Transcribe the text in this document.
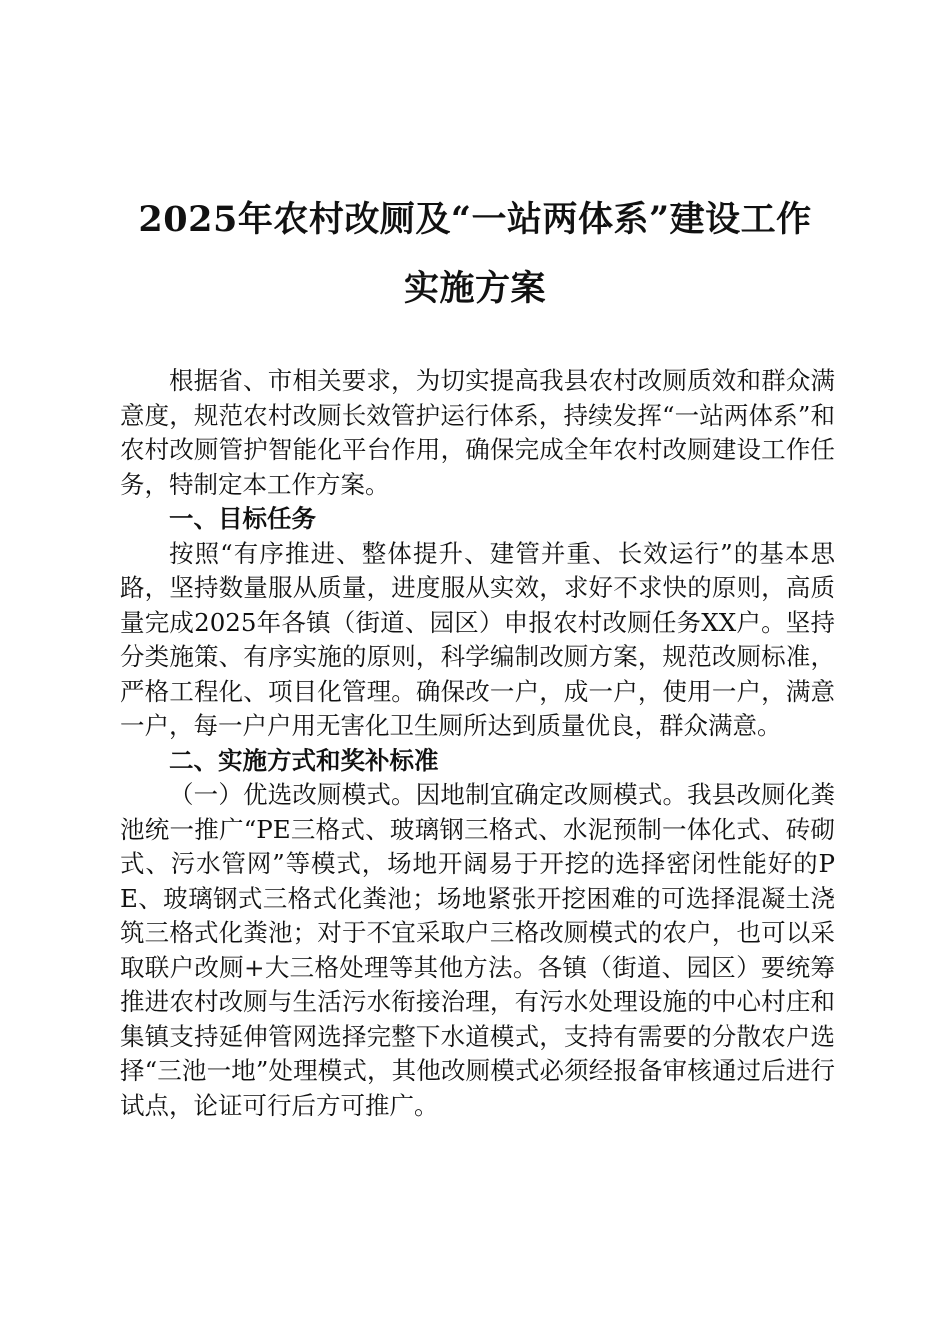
2025年农村改厕及“一站两体系”建设工作
实施方案

根据省、市相关要求，为切实提高我县农村改厕质效和群众满意度，规范农村改厕长效管护运行体系，持续发挥“一站两体系”和农村改厕管护智能化平台作用，确保完成全年农村改厕建设工作任务，特制定本工作方案。

一、目标任务

按照“有序推进、整体提升、建管并重、长效运行”的基本思路，坚持数量服从质量，进度服从实效，求好不求快的原则，高质量完成2025年各镇（街道、园区）申报农村改厕任务XX户。坚持分类施策、有序实施的原则，科学编制改厕方案，规范改厕标准，严格工程化、项目化管理。确保改一户，成一户，使用一户，满意一户，每一户户用无害化卫生厕所达到质量优良，群众满意。

二、实施方式和奖补标准

（一）优选改厕模式。因地制宜确定改厕模式。我县改厕化粪池统一推广“PE三格式、玻璃钢三格式、水泥预制一体化式、砖砌式、污水管网”等模式，场地开阔易于开挖的选择密闭性能好的PE、玻璃钢式三格式化粪池；场地紧张开挖困难的可选择混凝土浇筑三格式化粪池；对于不宜采取户三格改厕模式的农户，也可以采取联户改厕+大三格处理等其他方法。各镇（街道、园区）要统筹推进农村改厕与生活污水衔接治理，有污水处理设施的中心村庄和集镇支持延伸管网选择完整下水道模式，支持有需要的分散农户选择“三池一地”处理模式，其他改厕模式必须经报备审核通过后进行试点，论证可行后方可推广。
